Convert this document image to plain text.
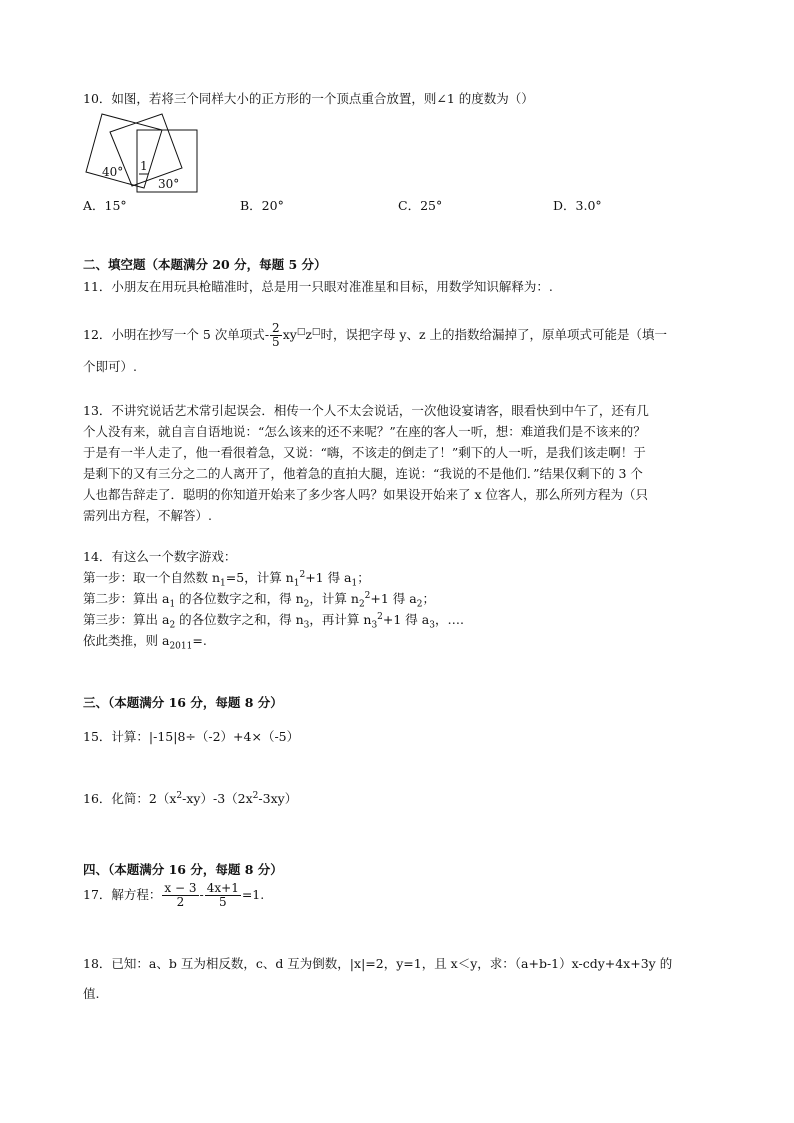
10．如图，若将三个同样大小的正方形的一个顶点重合放置，则∠1 的度数为（）
40° 1
30°
A．15°	B．20°	C．25°	D．3.0°
二、填空题（本题满分 20 分，每题 5 分）
11．小朋友在用玩具枪瞄准时，总是用一只眼对准准星和目标，用数学知识解释为：.
12．小明在抄写一个 5 次单项式- $\frac{2}{5} xy^□z^□$时，误把字母 y、z 上的指数给漏掉了，原单项式可能是（填一
个即可）.
13．不讲究说话艺术常引起误会．相传一个人不太会说话，一次他设宴请客，眼看快到中午了，还有几
个人没有来，就自言自语地说：“怎么该来的还不来呢？”在座的客人一听，想：难道我们是不该来的？
于是有一半人走了，他一看很着急，又说：“嗨，不该走的倒走了！”剩下的人一听，是我们该走啊！于
是剩下的又有三分之二的人离开了，他着急的直拍大腿，连说：“我说的不是他们．”结果仅剩下的 3 个
人也都告辞走了．聪明的你知道开始来了多少客人吗？如果设开始来了 x 位客人，那么所列方程为（只
需列出方程，不解答）.
14．有这么一个数字游戏：
第一步：取一个自然数 $n_1=5$，计算 $n_1^2+1$ 得 $a_1$；
第二步：算出 $a_1$ 的各位数字之和，得 $n_2$，计算 $n_2^2+1$ 得 $a_2$；
第三步：算出 $a_2$ 的各位数字之和，得 $n_3$，再计算 $n_3^2+1$ 得 $a_3$，….
依此类推，则 $a_{2011}=$.
三、（本题满分 16 分，每题 8 分）
15．计算：|-15|8÷（-2）+4×（-5）
16．化简：$2(x^2-xy)-3(2x^2-3xy)$
四、（本题满分 16 分，每题 8 分）
17．解方程： $\frac{x - 3}{2} - \frac{4x+1}{5} =1$.
18．已知：a、b 互为相反数，c、d 互为倒数，|x|=2，y=1，且 x＜y，求：（a+b-1）x-cdy+4x+3y 的
值.
